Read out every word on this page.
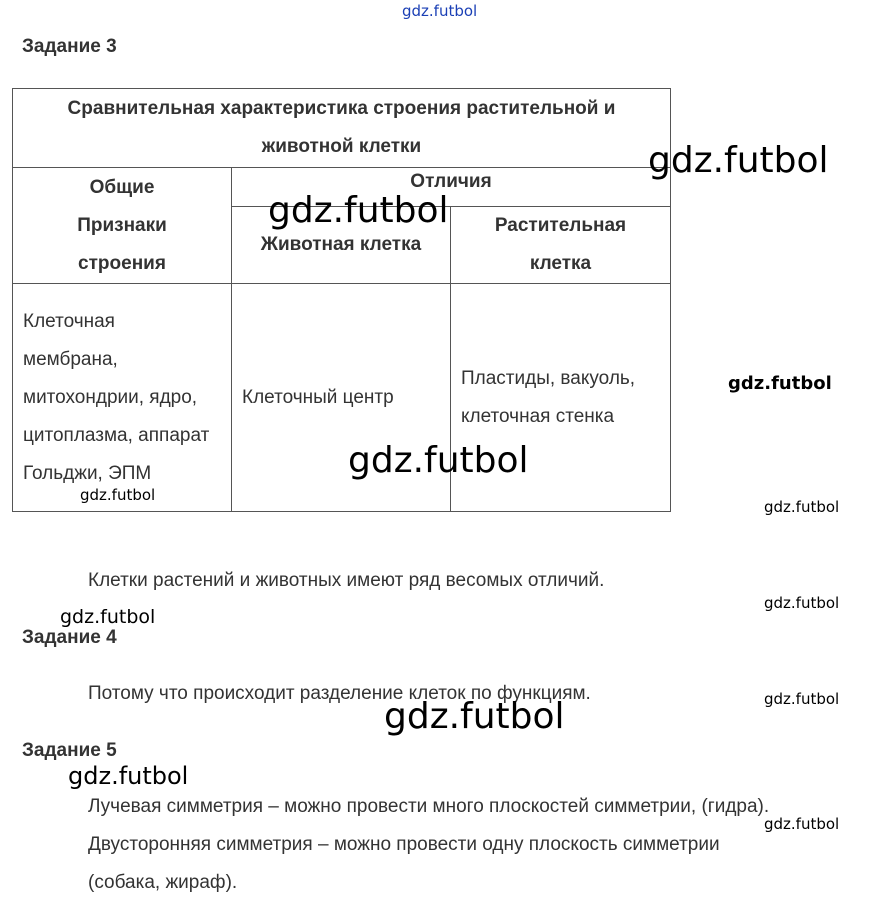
gdz.futbol
Задание 3
Сравнительная характеристика строения растительной и животной клетки		

Общие Признаки строения	Отличия	
	Животная клетка	Растительная клетка

Клеточная мембрана, митохондрии, ядро, цитоплазма, аппарат Гольджи, ЭПМ	Клеточный центр	Пластиды, вакуоль, клеточная стенка

Клетки растений и животных имеют ряд весомых отличий.

Задание 4

Потому что происходит разделение клеток по функциям.

Задание 5

Лучевая симметрия – можно провести много плоскостей симметрии, (гидра).

Двусторонняя симметрия – можно провести одну плоскость симметрии

(собака, жираф).

gdz.futbol
gdz.futbol
gdz.futbol
gdz.futbol
gdz.futbol
gdz.futbol
gdz.futbol
gdz.futbol
gdz.futbol	gdz.futbol
gdz.futbol
gdz.futbol
